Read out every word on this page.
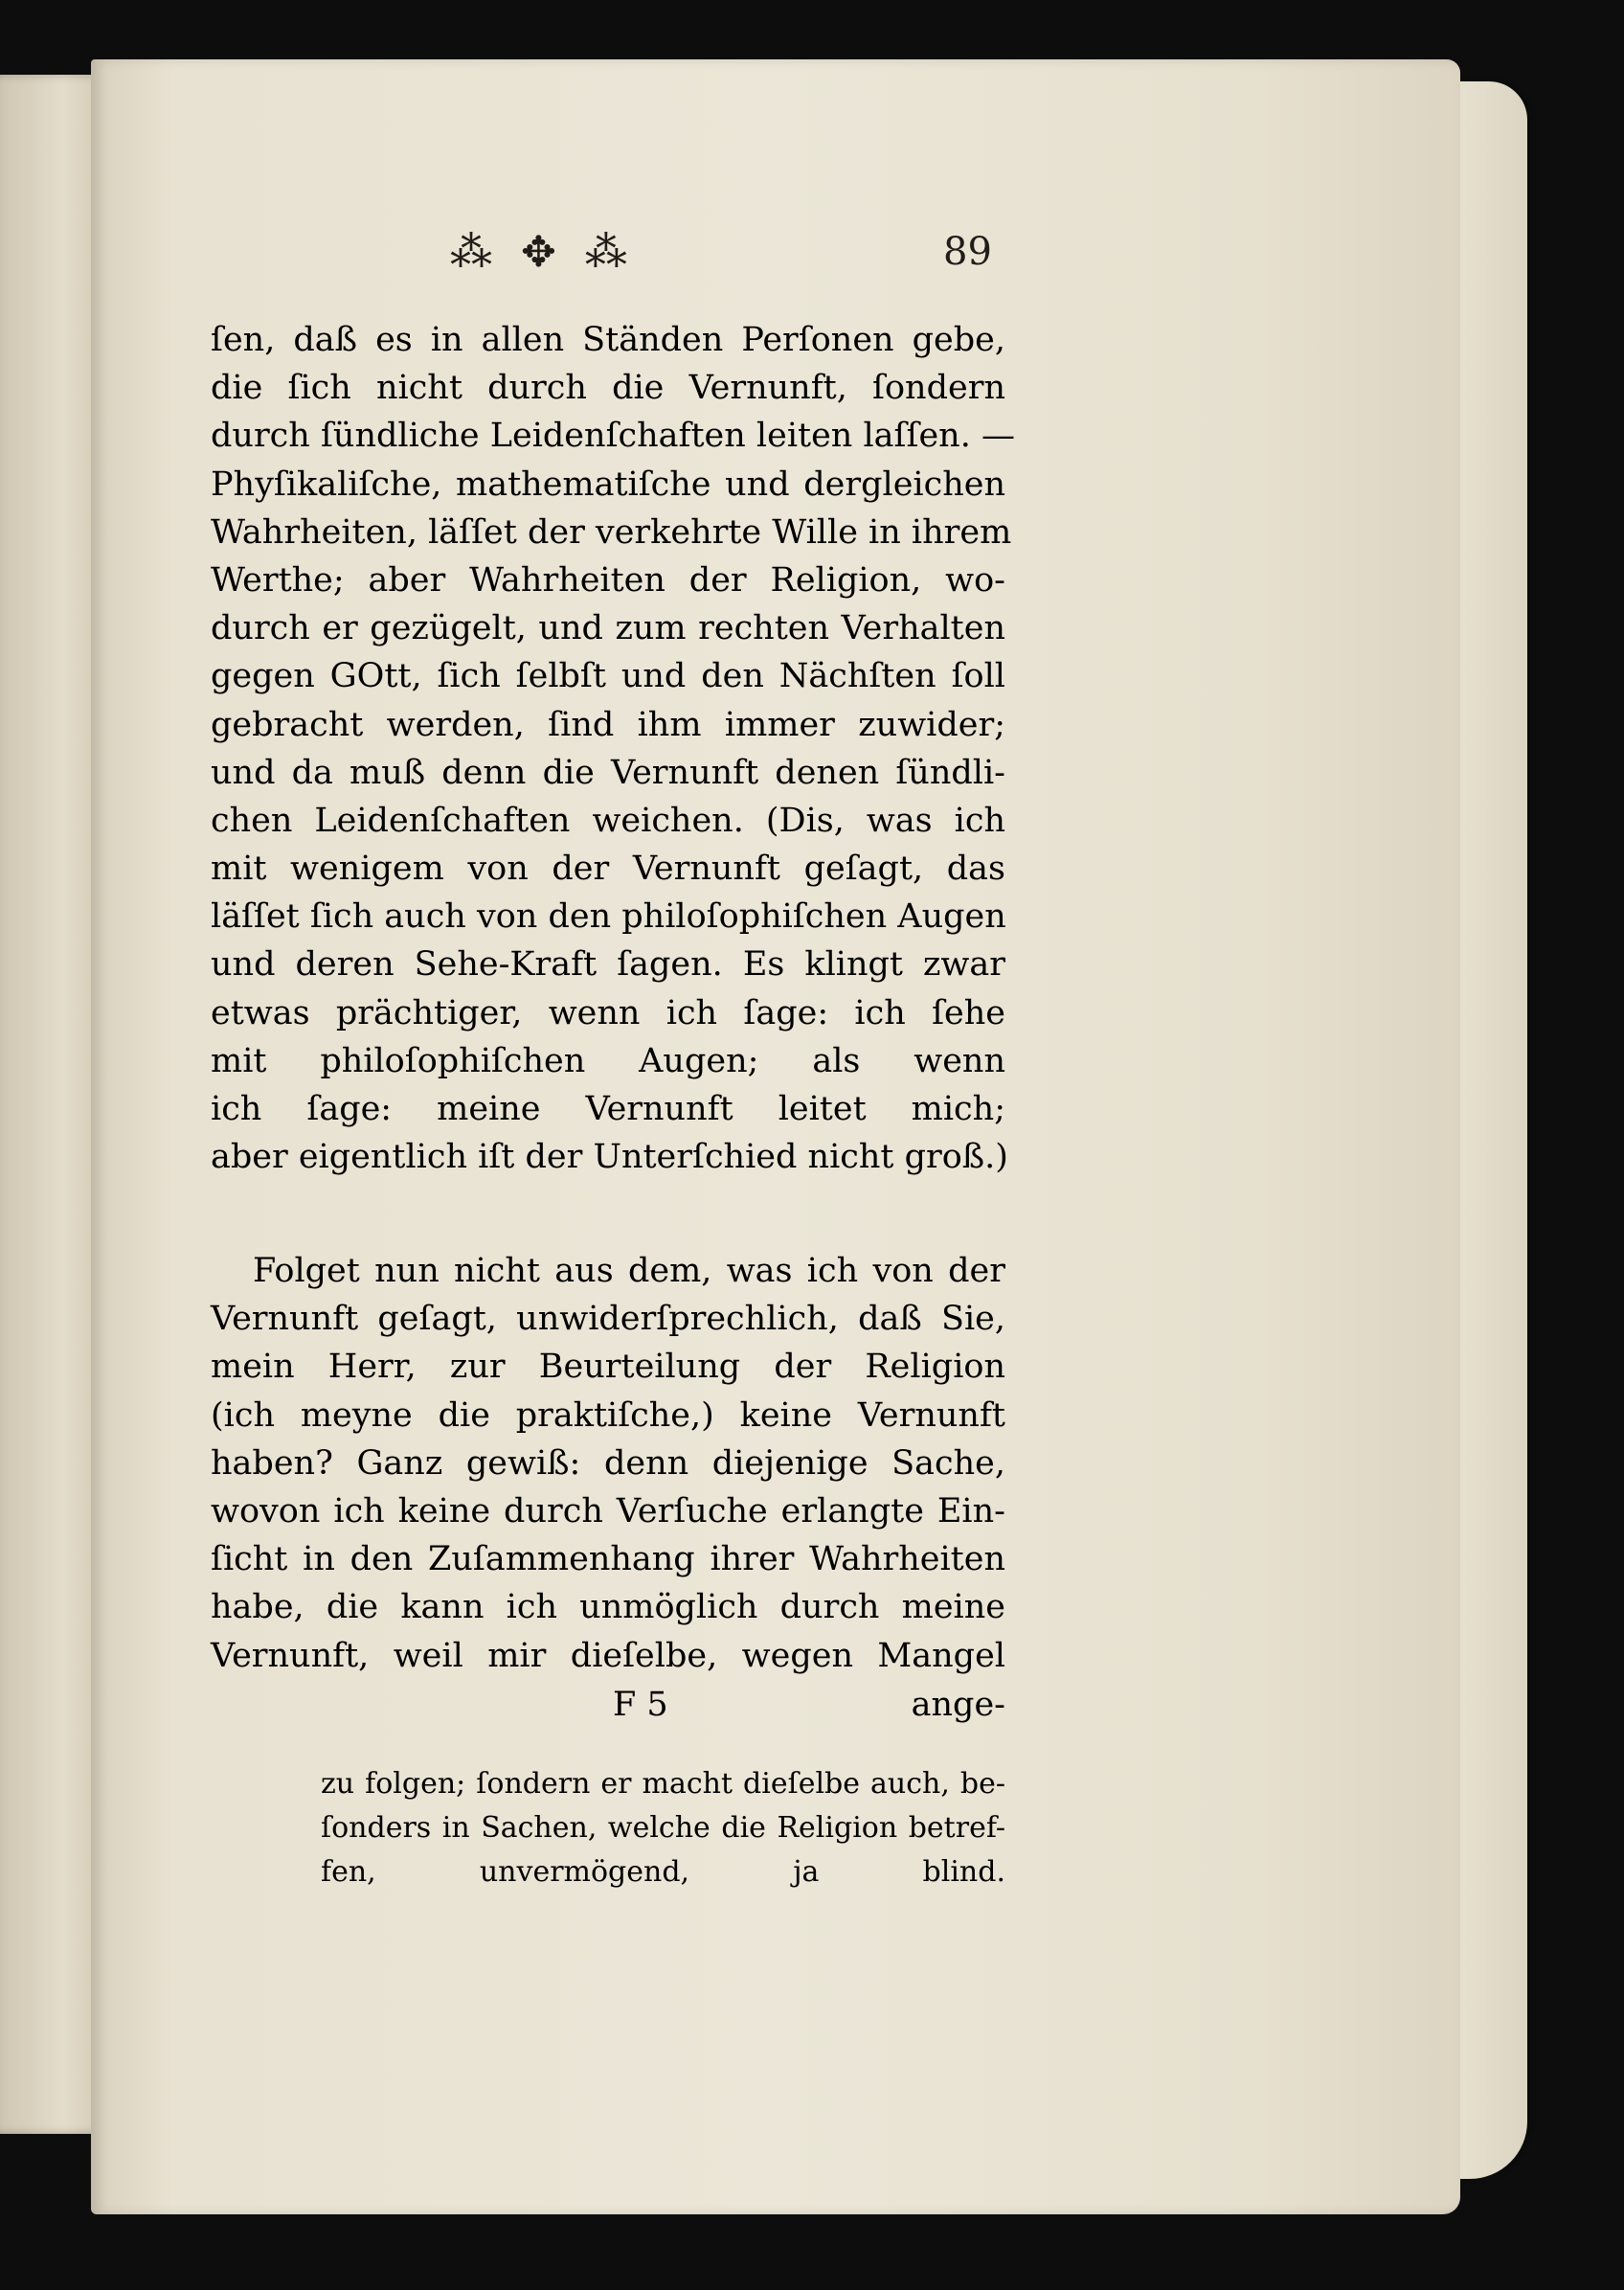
⁂ ✥ ⁂	89
ſen, daß es in allen Ständen Perſonen gebe,
die ſich nicht durch die Vernunft, ſondern
durch ſündliche Leidenſchaften leiten laſſen. —
Phyſikaliſche, mathematiſche und dergleichen
Wahrheiten, läſſet der verkehrte Wille in ihrem
Werthe; aber Wahrheiten der Religion, wo-
durch er gezügelt, und zum rechten Verhalten
gegen GOtt, ſich ſelbſt und den Nächſten ſoll
gebracht werden, ſind ihm immer zuwider;
und da muß denn die Vernunft denen ſündli-
chen Leidenſchaften weichen. (Dis, was ich
mit wenigem von der Vernunft geſagt, das
läſſet ſich auch von den philoſophiſchen Augen
und deren Sehe-Kraft ſagen. Es klingt zwar
etwas prächtiger, wenn ich ſage: ich ſehe
mit philoſophiſchen Augen; als wenn
ich ſage: meine Vernunft leitet mich;
aber eigentlich iſt der Unterſchied nicht groß.)
Folget nun nicht aus dem, was ich von der
Vernunft geſagt, unwiderſprechlich, daß Sie,
mein Herr, zur Beurteilung der Religion
(ich meyne die praktiſche,) keine Vernunft
haben? Ganz gewiß: denn diejenige Sache,
wovon ich keine durch Verſuche erlangte Ein-
ſicht in den Zuſammenhang ihrer Wahrheiten
habe, die kann ich unmöglich durch meine
Vernunft, weil mir dieſelbe, wegen Mangel
F 5	ange-
zu folgen; ſondern er macht dieſelbe auch, be-
ſonders in Sachen, welche die Religion betref-
fen, unvermögend, ja blind.
